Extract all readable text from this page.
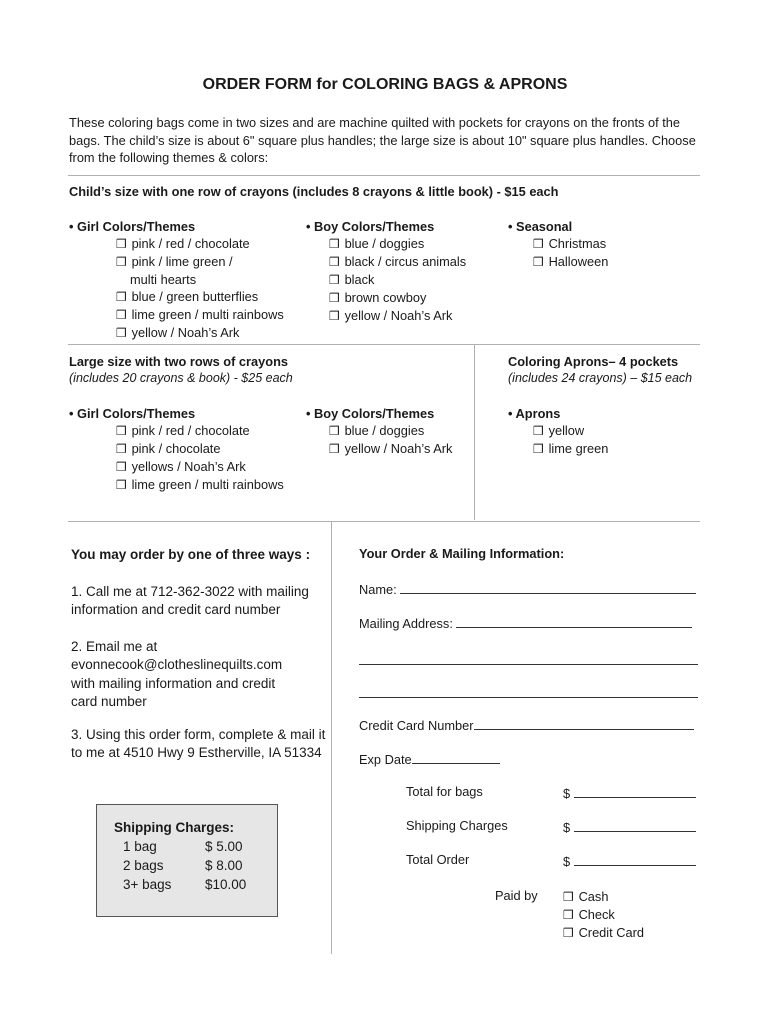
ORDER FORM for COLORING BAGS & APRONS
These coloring bags come in two sizes and are machine quilted with pockets for crayons on the fronts of the bags. The child’s size is about 6" square plus handles; the large size is about 10" square plus handles. Choose from the following themes & colors:
Child’s size with one row of crayons (includes 8 crayons & little book) - $15 each
• Girl Colors/Themes
❒ pink / red / chocolate
❒ pink / lime green /
multi hearts
❒ blue / green butterflies
❒ lime green / multi rainbows
❒ yellow / Noah’s Ark
• Boy Colors/Themes
❒ blue / doggies
❒ black / circus animals
❒ black
❒ brown cowboy
❒ yellow / Noah’s Ark
• Seasonal
❒ Christmas
❒ Halloween
Large size with two rows of crayons
(includes 20 crayons & book) - $25 each
• Girl Colors/Themes
❒ pink / red / chocolate
❒ pink / chocolate
❒ yellows / Noah’s Ark
❒ lime green / multi rainbows
• Boy Colors/Themes
❒ blue / doggies
❒ yellow / Noah’s Ark
Coloring Aprons– 4 pockets
(includes 24 crayons) – $15 each
• Aprons
❒ yellow
❒ lime green
You may order by one of three ways :
1. Call me at 712-362-3022 with mailing information and credit card number
2. Email me at
evonnecook@clotheslinequilts.com
with mailing information and credit
card number
3. Using this order form, complete & mail it to me at 4510 Hwy 9 Estherville, IA 51334
Shipping Charges:
1 bag	$ 5.00
2 bags	$ 8.00
3+ bags $10.00
Your Order & Mailing Information:
Name:
Mailing Address:
Credit Card Number
Exp Date
Total for bags	$
Shipping Charges	$
Total Order	$
Paid by ❒ Cash
❒ Check
❒ Credit Card
